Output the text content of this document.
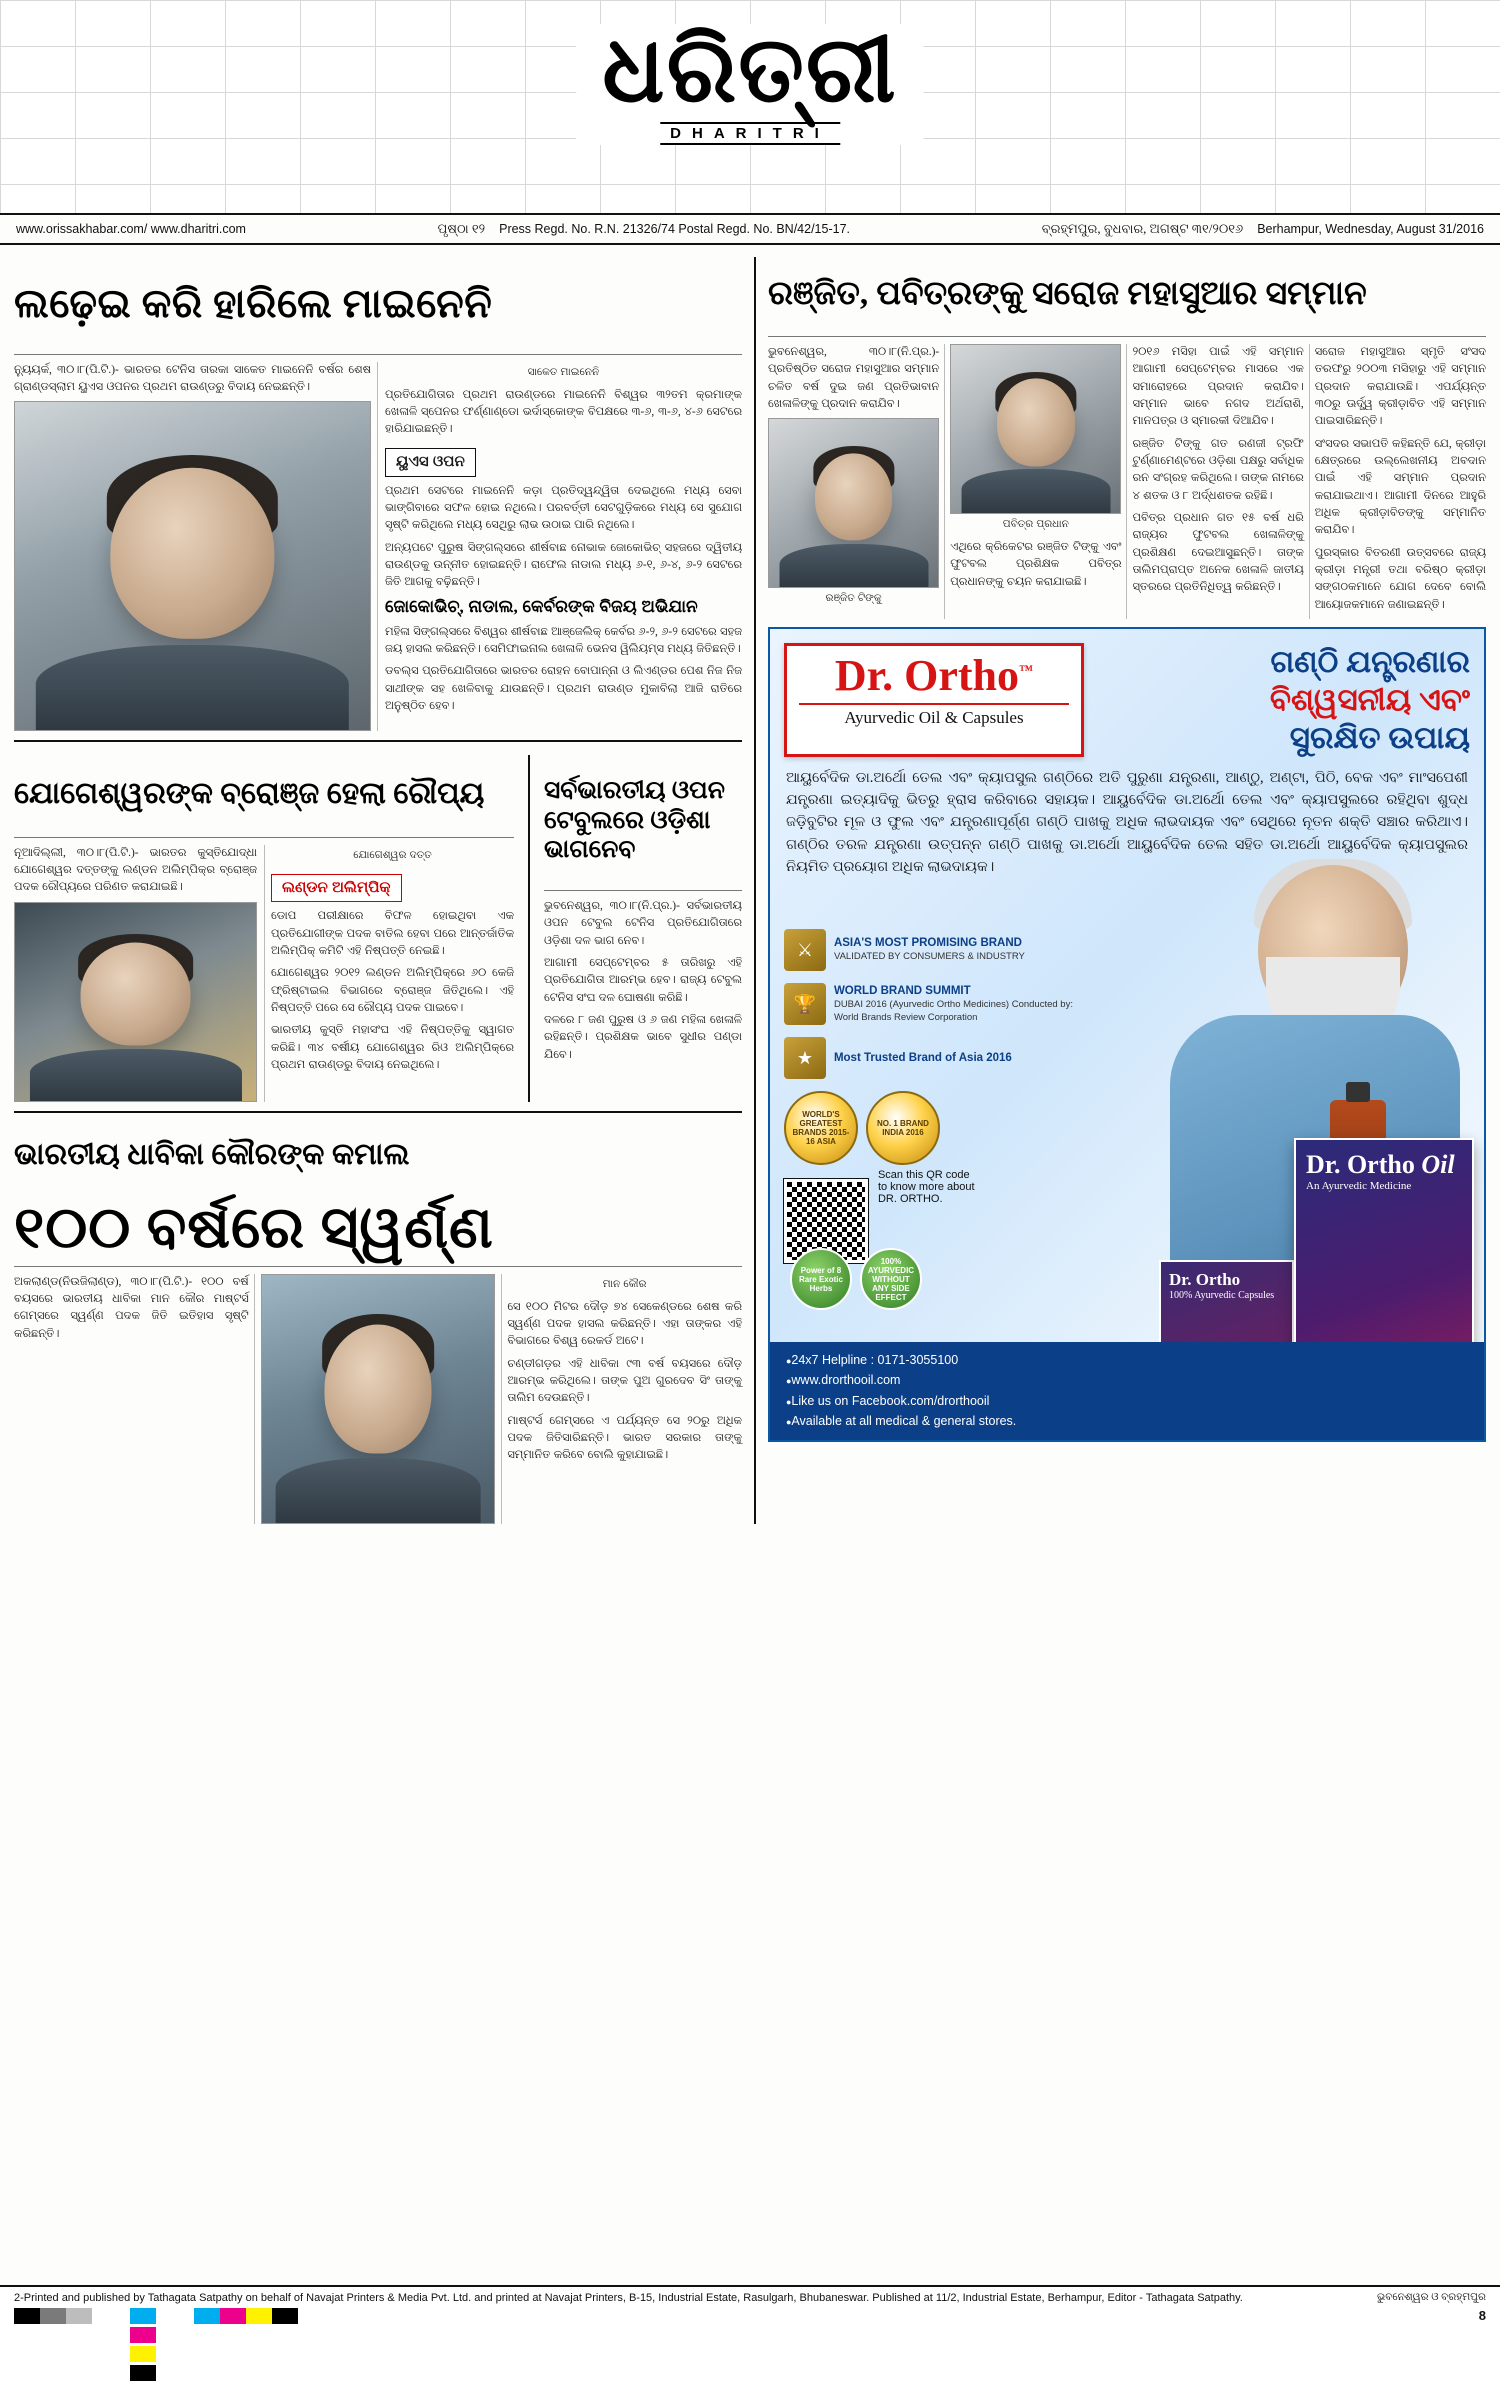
ଧରିତ୍ରୀ
DHARITRI
www.orissakhabar.com/ www.dharitri.com	ପୃଷ୍ଠା ୧୨ Press Regd. No. R.N. 21326/74 Postal Regd. No. BN/42/15-17.	ବ୍ରହ୍ମପୁର, ବୁଧବାର, ଅଗଷ୍ଟ ୩୧/୨୦୧୬ Berhampur, Wednesday, August 31/2016
ଲଢ଼େଇ କରି ହାରିଲେ ମାଇନେନି

ନ୍ୟୁୟର୍କ, ୩୦।୮(ପି.ଟି.)- ଭାରତର ଟେନିସ ତାରକା ସାକେତ ମାଇନେନି ବର୍ଷର ଶେଷ ଗ୍ରାଣ୍ଡସ୍ଲାମ ୟୁଏସ ଓପନର ପ୍ରଥମ ରାଉଣ୍ଡରୁ ବିଦାୟ ନେଇଛନ୍ତି।

ସାକେତ ମାଇନେନି

ପ୍ରତିଯୋଗିତାର ପ୍ରଥମ ରାଉଣ୍ଡରେ ମାଇନେନି ବିଶ୍ୱର ୩୨ତମ କ୍ରମାଙ୍କ ଖେଳାଳି ସ୍ପେନର ଫର୍ଣ୍ଣାଣ୍ଡୋ ଭର୍ଦାସ୍କୋଙ୍କ ବିପକ୍ଷରେ ୩-୬, ୩-୬, ୪-୬ ସେଟରେ ହାରିଯାଇଛନ୍ତି।

ୟୁଏସ ଓପନ

ପ୍ରଥମ ସେଟରେ ମାଇନେନି କଡ଼ା ପ୍ରତିଦ୍ୱନ୍ଦ୍ୱିତା ଦେଇଥିଲେ ମଧ୍ୟ ସେବା ଭାଙ୍ଗିବାରେ ସଫଳ ହୋଇ ନଥିଲେ। ପରବର୍ତ୍ତୀ ସେଟଗୁଡ଼ିକରେ ମଧ୍ୟ ସେ ସୁଯୋଗ ସୃଷ୍ଟି କରିଥିଲେ ମଧ୍ୟ ସେଥିରୁ ଲାଭ ଉଠାଇ ପାରି ନଥିଲେ।

ଅନ୍ୟପଟେ ପୁରୁଷ ସିଙ୍ଗଲ୍ସରେ ଶୀର୍ଷବାଛ ନୋଭାକ ଜୋକୋଭିଚ୍ ସହଜରେ ଦ୍ୱିତୀୟ ରାଉଣ୍ଡକୁ ଉନ୍ନୀତ ହୋଇଛନ୍ତି। ରାଫେଲ ନାଡାଲ ମଧ୍ୟ ୬-୧, ୬-୪, ୬-୨ ସେଟରେ ଜିତି ଆଗକୁ ବଢ଼ିଛନ୍ତି।

ଜୋକୋଭିଚ୍, ନାଡାଲ, କେର୍ବରଙ୍କ ବିଜୟ ଅଭିଯାନ

ମହିଳା ସିଙ୍ଗଲ୍ସରେ ବିଶ୍ୱର ଶୀର୍ଷବାଛ ଆଞ୍ଜେଲିକ୍ କେର୍ବର ୬-୨, ୬-୨ ସେଟରେ ସହଜ ଜୟ ହାସଲ କରିଛନ୍ତି। ସେମିଫାଇନାଲ ଖେଳାଳି ଭେନସ ୱିଲିୟମ୍ସ ମଧ୍ୟ ଜିତିଛନ୍ତି।

ଡବଲ୍ସ ପ୍ରତିଯୋଗିତାରେ ଭାରତର ରୋହନ ବୋପାନ୍ନା ଓ ଲିଏଣ୍ଡର ପେଶ ନିଜ ନିଜ ସାଥୀଙ୍କ ସହ ଖେଳିବାକୁ ଯାଉଛନ୍ତି। ପ୍ରଥମ ରାଉଣ୍ଡ ମୁକାବିଲା ଆଜି ରାତିରେ ଅନୁଷ୍ଠିତ ହେବ।

ଯୋଗେଶ୍ୱରଙ୍କ ବ୍ରୋଞ୍ଜ ହେଲା ରୌପ୍ୟ

ନୂଆଦିଲ୍ଲୀ, ୩୦।୮(ପି.ଟି.)- ଭାରତର କୁସ୍ତିଯୋଦ୍ଧା ଯୋଗେଶ୍ୱର ଦତ୍ତଙ୍କୁ ଲଣ୍ଡନ ଅଲିମ୍ପିକ୍‌ର ବ୍ରୋଞ୍ଜ ପଦକ ରୌପ୍ୟରେ ପରିଣତ କରାଯାଇଛି।

ଯୋଗେଶ୍ୱର ଦତ୍ତ
ଲଣ୍ଡନ ଅଲିମ୍ପିକ୍

ଡୋପ ପରୀକ୍ଷାରେ ବିଫଳ ହୋଇଥିବା ଏକ ପ୍ରତିଯୋଗୀଙ୍କ ପଦକ ବାତିଲ ହେବା ପରେ ଆନ୍ତର୍ଜାତିକ ଅଲିମ୍ପିକ୍ କମିଟି ଏହି ନିଷ୍ପତ୍ତି ନେଇଛି।

ଯୋଗେଶ୍ୱର ୨୦୧୨ ଲଣ୍ଡନ ଅଲିମ୍ପିକ୍‌ରେ ୬୦ କେଜି ଫ୍ରିଷ୍ଟାଇଲ ବିଭାଗରେ ବ୍ରୋଞ୍ଜ ଜିତିଥିଲେ। ଏହି ନିଷ୍ପତ୍ତି ପରେ ସେ ରୌପ୍ୟ ପଦକ ପାଇବେ।

ଭାରତୀୟ କୁସ୍ତି ମହାସଂଘ ଏହି ନିଷ୍ପତ୍ତିକୁ ସ୍ୱାଗତ କରିଛି। ୩୪ ବର୍ଷୀୟ ଯୋଗେଶ୍ୱର ରିଓ ଅଲିମ୍ପିକ୍‌ରେ ପ୍ରଥମ ରାଉଣ୍ଡରୁ ବିଦାୟ ନେଇଥିଲେ।

ସର୍ବଭାରତୀୟ ଓପନ ଟେବୁଲରେ ଓଡ଼ିଶା ଭାଗନେବ

ଭୁବନେଶ୍ୱର, ୩୦।୮(ନି.ପ୍ର.)- ସର୍ବଭାରତୀୟ ଓପନ ଟେବୁଲ ଟେନିସ ପ୍ରତିଯୋଗିତାରେ ଓଡ଼ିଶା ଦଳ ଭାଗ ନେବ।

ଆଗାମୀ ସେପ୍ଟେମ୍ବର ୫ ତାରିଖରୁ ଏହି ପ୍ରତିଯୋଗିତା ଆରମ୍ଭ ହେବ। ରାଜ୍ୟ ଟେବୁଲ ଟେନିସ ସଂଘ ଦଳ ଘୋଷଣା କରିଛି।

ଦଳରେ ୮ ଜଣ ପୁରୁଷ ଓ ୬ ଜଣ ମହିଳା ଖେଳାଳି ରହିଛନ୍ତି। ପ୍ରଶିକ୍ଷକ ଭାବେ ସୁଧୀର ପଣ୍ଡା ଯିବେ।

ଭାରତୀୟ ଧାବିକା କୌରଙ୍କ କମାଲ
୧୦୦ ବର୍ଷରେ ସ୍ୱର୍ଣ୍ଣ

ଅକଲାଣ୍ଡ(ନିଉଜିଲାଣ୍ଡ), ୩୦।୮(ପି.ଟି.)- ୧୦୦ ବର୍ଷ ବୟସରେ ଭାରତୀୟ ଧାବିକା ମାନ କୌର ମାଷ୍ଟର୍ସ ଗେମ୍ସରେ ସ୍ୱର୍ଣ୍ଣ ପଦକ ଜିତି ଇତିହାସ ସୃଷ୍ଟି କରିଛନ୍ତି।

ମାନ କୌର

ସେ ୧୦୦ ମିଟର ଦୌଡ଼ ୭୪ ସେକେଣ୍ଡରେ ଶେଷ କରି ସ୍ୱର୍ଣ୍ଣ ପଦକ ହାସଲ କରିଛନ୍ତି। ଏହା ତାଙ୍କର ଏହି ବିଭାଗରେ ବିଶ୍ୱ ରେକର୍ଡ ଅଟେ।

ଚଣ୍ଡୀଗଡ଼ର ଏହି ଧାବିକା ୯୩ ବର୍ଷ ବୟସରେ ଦୌଡ଼ ଆରମ୍ଭ କରିଥିଲେ। ତାଙ୍କ ପୁଅ ଗୁରଦେବ ସିଂ ତାଙ୍କୁ ତାଲିମ ଦେଉଛନ୍ତି।

ମାଷ୍ଟର୍ସ ଗେମ୍ସରେ ଏ ପର୍ଯ୍ୟନ୍ତ ସେ ୨୦ରୁ ଅଧିକ ପଦକ ଜିତିସାରିଛନ୍ତି। ଭାରତ ସରକାର ତାଙ୍କୁ ସମ୍ମାନିତ କରିବେ ବୋଲି କୁହାଯାଇଛି।

ରଞ୍ଜିତ, ପବିତ୍ରଙ୍କୁ ସରୋଜ ମହାସୁଆର ସମ୍ମାନ

ଭୁବନେଶ୍ୱର, ୩୦।୮(ନି.ପ୍ର.)- ପ୍ରତିଷ୍ଠିତ ସରୋଜ ମହାସୁଆର ସମ୍ମାନ ଚଳିତ ବର୍ଷ ଦୁଇ ଜଣ ପ୍ରତିଭାବାନ ଖେଳାଳିଙ୍କୁ ପ୍ରଦାନ କରାଯିବ।

ରଞ୍ଜିତ ଟିଙ୍କୁ
ପବିତ୍ର ପ୍ରଧାନ

ଏଥିରେ କ୍ରିକେଟର ରଞ୍ଜିତ ଟିଙ୍କୁ ଏବଂ ଫୁଟବଲ ପ୍ରଶିକ୍ଷକ ପବିତ୍ର ପ୍ରଧାନଙ୍କୁ ଚୟନ କରାଯାଇଛି।

୨୦୧୬ ମସିହା ପାଇଁ ଏହି ସମ୍ମାନ ଆଗାମୀ ସେପ୍ଟେମ୍ବର ମାସରେ ଏକ ସମାରୋହରେ ପ୍ରଦାନ କରାଯିବ। ସମ୍ମାନ ଭାବେ ନଗଦ ଅର୍ଥରାଶି, ମାନପତ୍ର ଓ ସ୍ମାରକୀ ଦିଆଯିବ।

ରଞ୍ଜିତ ଟିଙ୍କୁ ଗତ ରଣଜୀ ଟ୍ରଫି ଟୁର୍ଣ୍ଣାମେଣ୍ଟରେ ଓଡ଼ିଶା ପକ୍ଷରୁ ସର୍ବାଧିକ ରନ ସଂଗ୍ରହ କରିଥିଲେ। ତାଙ୍କ ନାମରେ ୪ ଶତକ ଓ ୮ ଅର୍ଦ୍ଧଶତକ ରହିଛି।

ପବିତ୍ର ପ୍ରଧାନ ଗତ ୧୫ ବର୍ଷ ଧରି ରାଜ୍ୟର ଫୁଟବଲ ଖେଳାଳିଙ୍କୁ ପ୍ରଶିକ୍ଷଣ ଦେଇଆସୁଛନ୍ତି। ତାଙ୍କ ତାଲିମପ୍ରାପ୍ତ ଅନେକ ଖେଳାଳି ଜାତୀୟ ସ୍ତରରେ ପ୍ରତିନିଧିତ୍ୱ କରିଛନ୍ତି।

ସରୋଜ ମହାସୁଆର ସ୍ମୃତି ସଂସଦ ତରଫରୁ ୨୦୦୩ ମସିହାରୁ ଏହି ସମ୍ମାନ ପ୍ରଦାନ କରାଯାଉଛି। ଏପର୍ଯ୍ୟନ୍ତ ୩୦ରୁ ଊର୍ଦ୍ଧ୍ୱ କ୍ରୀଡ଼ାବିତ ଏହି ସମ୍ମାନ ପାଇସାରିଛନ୍ତି।

ସଂସଦର ସଭାପତି କହିଛନ୍ତି ଯେ, କ୍ରୀଡ଼ା କ୍ଷେତ୍ରରେ ଉଲ୍ଲେଖନୀୟ ଅବଦାନ ପାଇଁ ଏହି ସମ୍ମାନ ପ୍ରଦାନ କରାଯାଇଥାଏ। ଆଗାମୀ ଦିନରେ ଆହୁରି ଅଧିକ କ୍ରୀଡ଼ାବିତଙ୍କୁ ସମ୍ମାନିତ କରାଯିବ।

ପୁରସ୍କାର ବିତରଣୀ ଉତ୍ସବରେ ରାଜ୍ୟ କ୍ରୀଡ଼ା ମନ୍ତ୍ରୀ ତଥା ବରିଷ୍ଠ କ୍ରୀଡ଼ା ସଙ୍ଗଠକମାନେ ଯୋଗ ଦେବେ ବୋଲି ଆୟୋଜକମାନେ ଜଣାଇଛନ୍ତି।

Dr. Ortho™
Ayurvedic Oil & Capsules
ଗଣ୍ଠି ଯନ୍ତ୍ରଣାର
ବିଶ୍ୱସନୀୟ ଏବଂ
ସୁରକ୍ଷିତ ଉପାୟ
ଆୟୁର୍ବେଦିକ ଡା.ଅର୍ଥୋ ତେଲ ଏବଂ କ୍ୟାପସୁଲ ଗଣ୍ଠିରେ ଅତି ପୁରୁଣା ଯନ୍ତ୍ରଣା, ଆଣ୍ଠୁ, ଅଣ୍ଟା, ପିଠି, ବେକ ଏବଂ ମାଂସପେଶୀ ଯନ୍ତ୍ରଣା ଇତ୍ୟାଦିକୁ ଭିତରୁ ହ୍ରାସ କରିବାରେ ସହାୟକ। ଆୟୁର୍ବେଦିକ ଡା.ଅର୍ଥୋ ତେଲ ଏବଂ କ୍ୟାପସୁଲରେ ରହିଥିବା ଶୁଦ୍ଧ ଜଡ଼ିବୁଟିର ମୂଳ ଓ ଫୁଲ ଏବଂ ଯନ୍ତ୍ରଣାପୂର୍ଣ୍ଣ ଗଣ୍ଠି ପାଖକୁ ଅଧିକ ଲାଭଦାୟକ ଏବଂ ସେଥିରେ ନୂତନ ଶକ୍ତି ସଞ୍ଚାର କରିଥାଏ। ଗଣ୍ଠିର ତରଳ ଯନ୍ତ୍ରଣା ଉତ୍ପନ୍ନ ଗଣ୍ଠି ପାଖକୁ ଡା.ଅର୍ଥୋ ଆୟୁର୍ବେଦିକ ତେଲ ସହିତ ଡା.ଅର୍ଥୋ ଆୟୁର୍ବେଦିକ କ୍ୟାପସୁଲର ନିୟମିତ ପ୍ରୟୋଗ ଅଧିକ ଲାଭଦାୟକ।
⚔	ASIA'S MOST PROMISING BRAND
VALIDATED BY CONSUMERS & INDUSTRY
🏆
WORLD BRAND SUMMIT
DUBAI 2016 (Ayurvedic Ortho Medicines) Conducted by: World Brands Review Corporation
★	Most Trusted Brand of Asia 2016
WORLD'S GREATEST BRANDS 2015-16 ASIA
NO. 1 BRAND INDIA 2016
Scan this QR code
to know more about
DR. ORTHO.
Power of 8 Rare Exotic Herbs
100% AYURVEDIC WITHOUT ANY SIDE EFFECT
Dr. Ortho
100% Ayurvedic Capsules
Dr. Ortho Oil
An Ayurvedic Medicine
● 24x7 Helpline : 0171-3055100
● www.drorthooil.com
● Like us on Facebook.com/drorthooil
● Available at all medical & general stores.
2-Printed and published by Tathagata Satpathy on behalf of Navajat Printers & Media Pvt. Ltd. and printed at Navajat Printers, B-15, Industrial Estate, Rasulgarh, Bhubaneswar. Published at 11/2, Industrial Estate, Berhampur, Editor - Tathagata Satpathy.	ଭୁବନେଶ୍ୱର ଓ ବ୍ରହ୍ମପୁର

8
